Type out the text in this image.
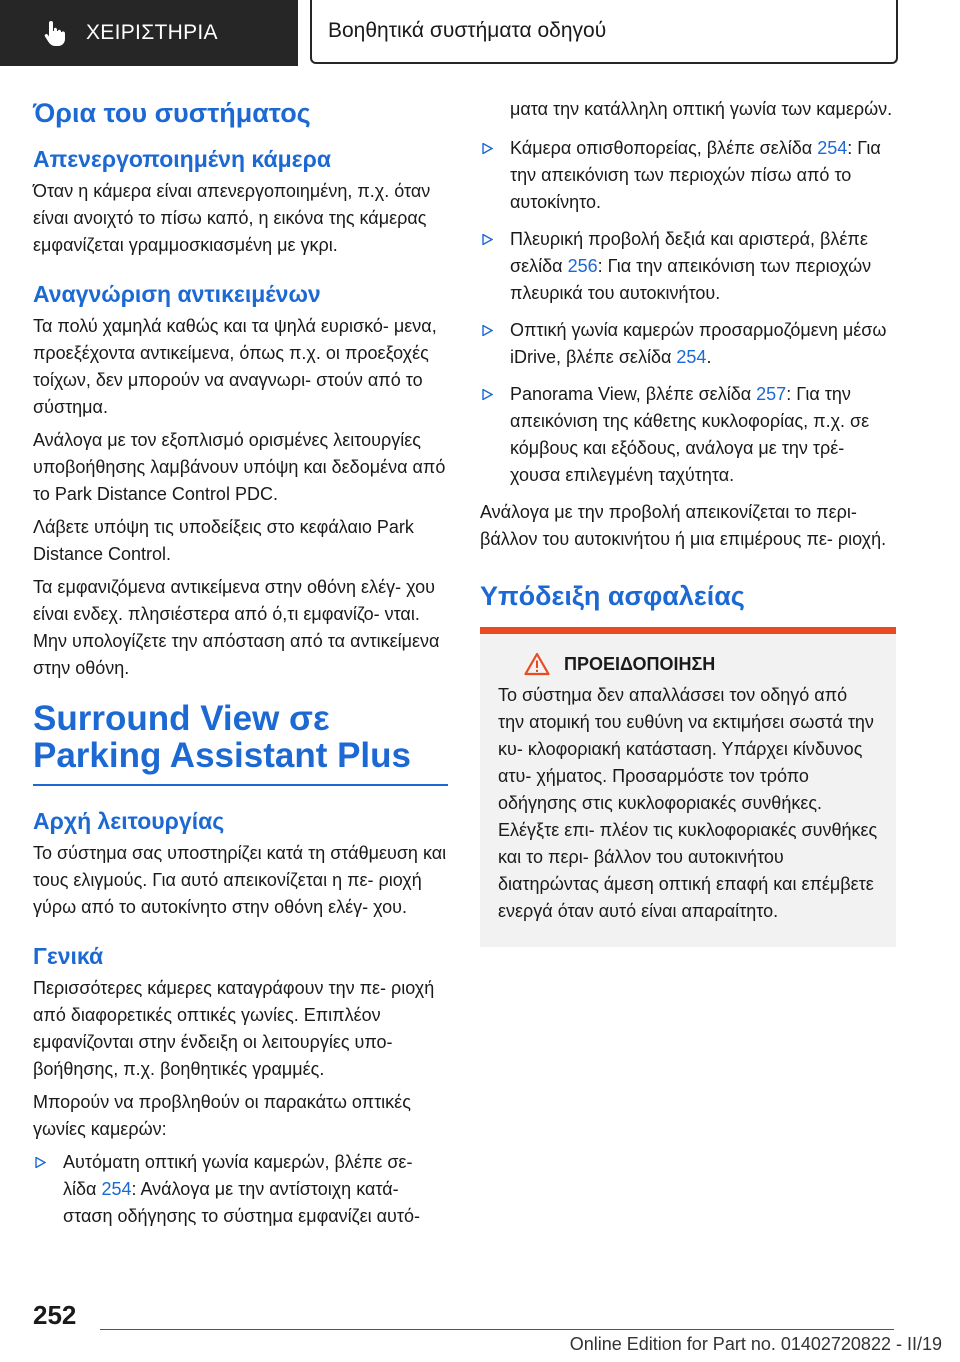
ΧΕΙΡΙΣΤΗΡΙΑ	Βοηθητικά συστήματα οδηγού
Όρια του συστήματος
Απενεργοποιημένη κάμερα

Όταν η κάμερα είναι απενεργοποιημένη, π.χ. όταν είναι ανοιχτό το πίσω καπό, η εικόνα της κάμερας εμφανίζεται γραμμοσκιασμένη με γκρι.

Αναγνώριση αντικειμένων

Τα πολύ χαμηλά καθώς και τα ψηλά ευρισκό- μενα, προεξέχοντα αντικείμενα, όπως π.χ. οι προεξοχές τοίχων, δεν μπορούν να αναγνωρι- στούν από το σύστημα.

Ανάλογα με τον εξοπλισμό ορισμένες λειτουργίες υποβοήθησης λαμβάνουν υπόψη και δεδομένα από το Park Distance Control PDC.

Λάβετε υπόψη τις υποδείξεις στο κεφάλαιο Park Distance Control.

Τα εμφανιζόμενα αντικείμενα στην οθόνη ελέγ- χου είναι ενδεχ. πλησιέστερα από ό,τι εμφανίζο- νται. Μην υπολογίζετε την απόσταση από τα αντικείμενα στην οθόνη.

Surround View σε Parking Assistant Plus
Αρχή λειτουργίας

Το σύστημα σας υποστηρίζει κατά τη στάθμευση και τους ελιγμούς. Για αυτό απεικονίζεται η πε- ριοχή γύρω από το αυτοκίνητο στην οθόνη ελέγ- χου.

Γενικά

Περισσότερες κάμερες καταγράφουν την πε- ριοχή από διαφορετικές οπτικές γωνίες. Επιπλέον εμφανίζονται στην ένδειξη οι λειτουργίες υπο- βοήθησης, π.χ. βοηθητικές γραμμές.

Μπορούν να προβληθούν οι παρακάτω οπτικές γωνίες καμερών:

Αυτόματη οπτική γωνία καμερών, βλέπε σε- λίδα 254: Ανάλογα με την αντίστοιχη κατά- σταση οδήγησης το σύστημα εμφανίζει αυτό-

ματα την κατάλληλη οπτική γωνία των καμερών.

Κάμερα οπισθοπορείας, βλέπε σελίδα 254: Για την απεικόνιση των περιοχών πίσω από το αυτοκίνητο.
Πλευρική προβολή δεξιά και αριστερά, βλέπε σελίδα 256: Για την απεικόνιση των περιοχών πλευρικά του αυτοκινήτου.
Οπτική γωνία καμερών προσαρμοζόμενη μέσω iDrive, βλέπε σελίδα 254.
Panorama View, βλέπε σελίδα 257: Για την απεικόνιση της κάθετης κυκλοφορίας, π.χ. σε κόμβους και εξόδους, ανάλογα με την τρέ- χουσα επιλεγμένη ταχύτητα.

Ανάλογα με την προβολή απεικονίζεται το περι- βάλλον του αυτοκινήτου ή μια επιμέρους πε- ριοχή.

Υπόδειξη ασφαλείας
ΠΡΟΕΙΔΟΠΟΙΗΣΗ

Το σύστημα δεν απαλλάσσει τον οδηγό από την ατομική του ευθύνη να εκτιμήσει σωστά την κυ- κλοφοριακή κατάσταση. Υπάρχει κίνδυνος ατυ- χήματος. Προσαρμόστε τον τρόπο οδήγησης στις κυκλοφοριακές συνθήκες. Ελέγξτε επι- πλέον τις κυκλοφοριακές συνθήκες και το περι- βάλλον του αυτοκινήτου διατηρώντας άμεση οπτική επαφή και επέμβετε ενεργά όταν αυτό είναι απαραίτητο.

252
Online Edition for Part no. 01402720822 - II/19
